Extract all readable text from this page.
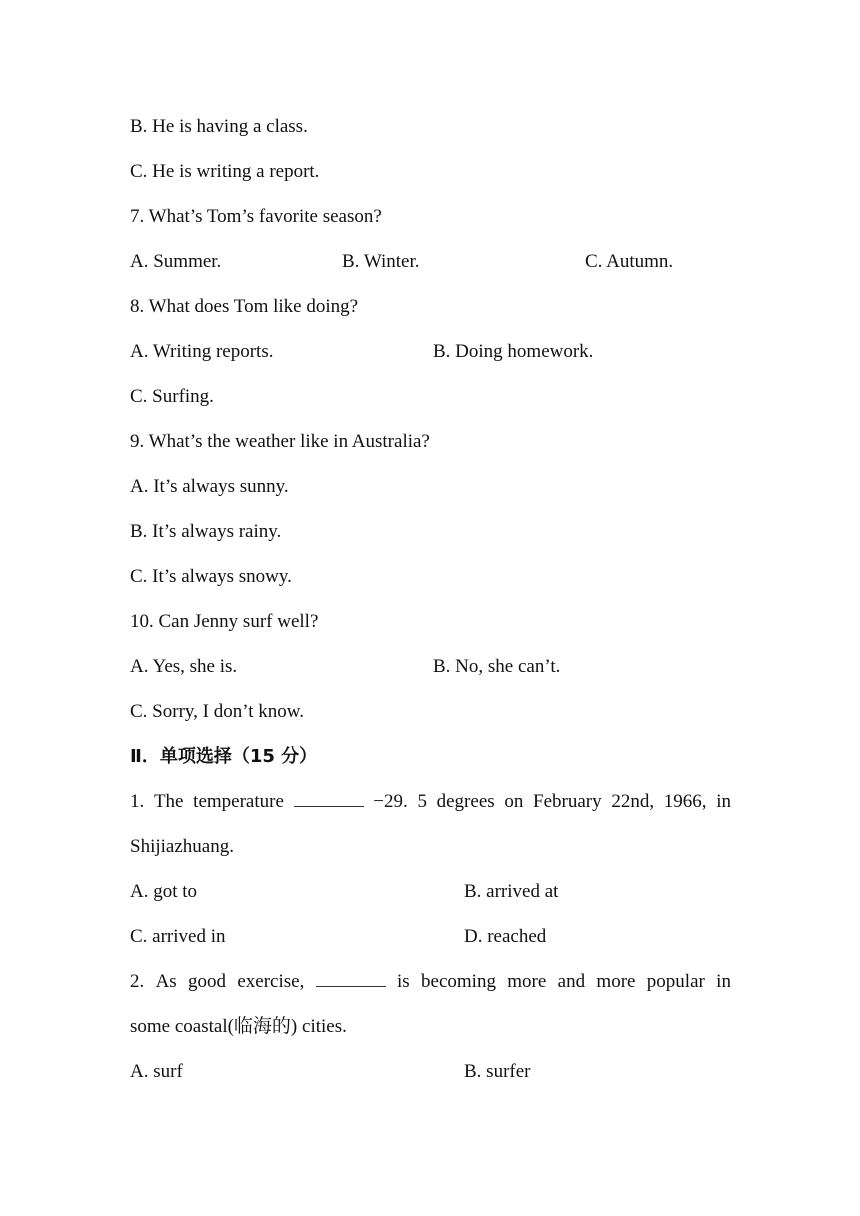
B. He is having a class.
C. He is writing a report.
7. What’s Tom’s favorite season?
A. Summer.	B. Winter.	C. Autumn.
8. What does Tom like doing?
A. Writing reports.	B. Doing homework.
C. Surfing.
9. What’s the weather like in Australia?
A. It’s always sunny.
B. It’s always rainy.
C. It’s always snowy.
10. Can Jenny surf well?
A. Yes, she is.	B. No, she can’t.
C. Sorry, I don’t know.
Ⅱ．单项选择（15 分）
1. The temperature	−29. 5 degrees on February 22nd, 1966, in
Shijiazhuang.
A. got to	B. arrived at
C. arrived in	D. reached
2. As good exercise,	is becoming more and more popular in
some coastal(临海的) cities.
A. surf	B. surfer
